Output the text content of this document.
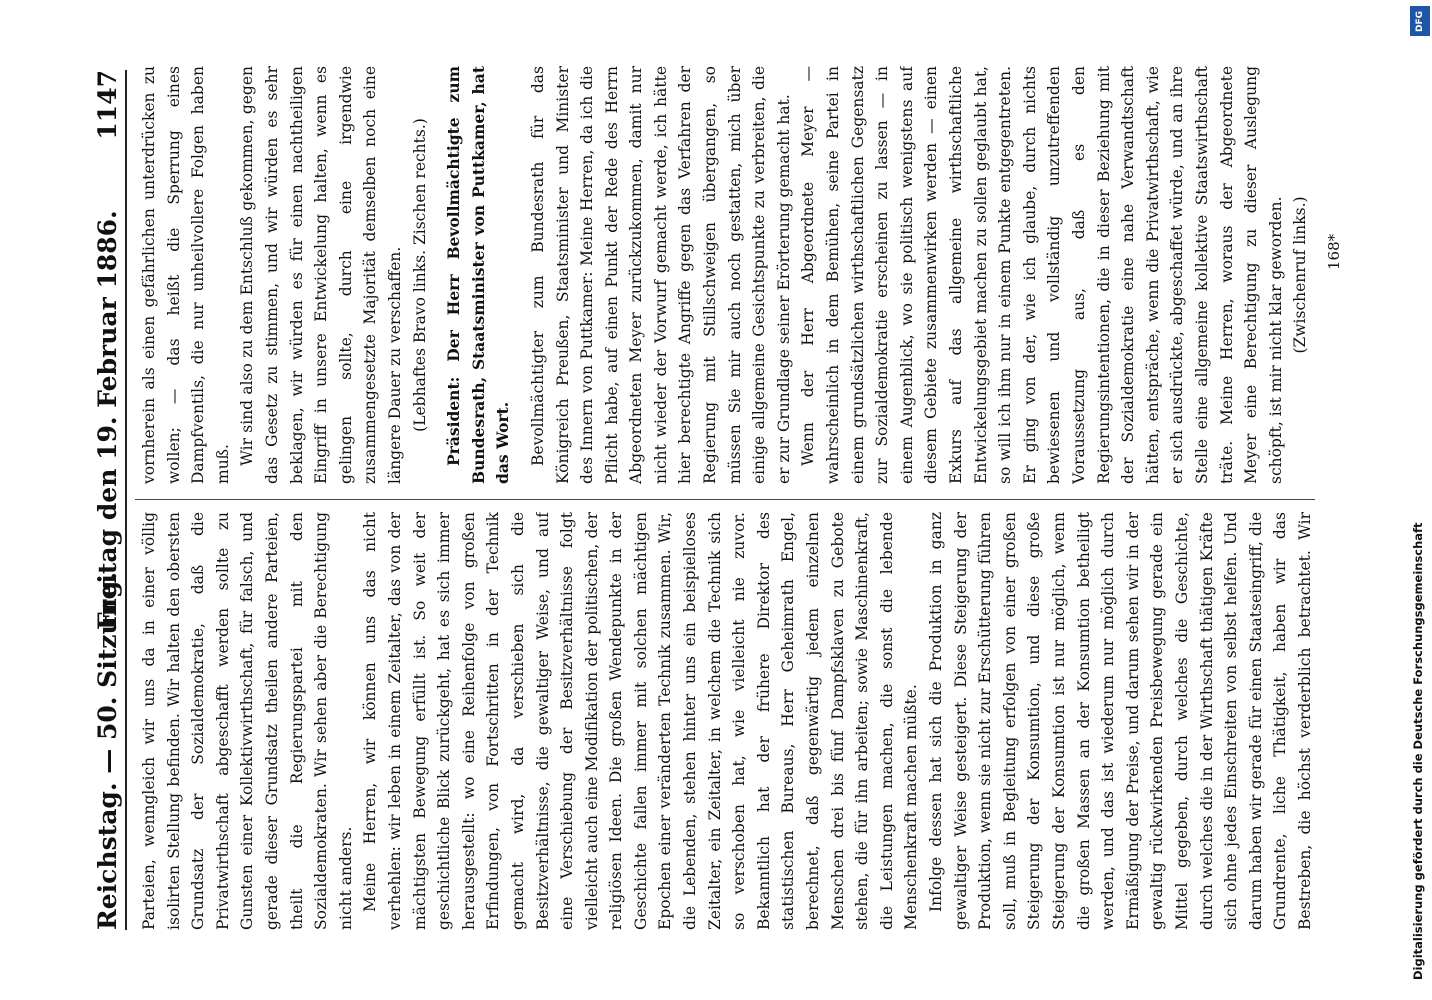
Reichstag. — 50. Sitzung.
Freitag den 19. Februar 1886.
1147

Parteien, wenngleich wir uns da in einer völlig isolirten Stellung befinden. Wir halten den obersten Grundsatz der Sozialdemokratie, daß die Privatwirthschaft abgeschafft werden sollte zu Gunsten einer Kollektivwirthschaft, für falsch, und gerade dieser Grundsatz theilen andere Parteien, theilt die Regierungspartei mit den Sozialdemokraten. Wir sehen aber die Berechtigung nicht anders. Meine Herren, wir können uns das nicht verhehlen: wir leben in einem Zeitalter, das von der mächtigsten Bewegung erfüllt ist. So weit der geschichtliche Blick zurückgeht, hat es sich immer herausgestellt: wo eine Reihenfolge von großen Erfindungen, von Fortschritten in der Technik gemacht wird, da verschieben sich die Besitzverhältnisse, die gewaltiger Weise, und auf eine Verschiebung der Besitzverhältnisse folgt vielleicht auch eine Modifikation der politischen, der religiösen Ideen. Die großen Wendepunkte in der Geschichte fallen immer mit solchen mächtigen Epochen einer veränderten Technik zusammen. Wir, die Lebenden, stehen hinter uns ein beispielloses Zeitalter, ein Zeitalter, in welchem die Technik sich so verschoben hat, wie vielleicht nie zuvor. Bekanntlich hat der frühere Direktor des statistischen Bureaus, Herr Geheimrath Engel, berechnet, daß gegenwärtig jedem einzelnen Menschen drei bis fünf Dampfsklaven zu Gebote stehen, die für ihn arbeiten; sowie Maschinenkraft, die Leistungen machen, die sonst die lebende Menschenkraft machen müßte. Infolge dessen hat sich die Produktion in ganz gewaltiger Weise gesteigert. Diese Steigerung der Produktion, wenn sie nicht zur Erschütterung führen soll, muß in Begleitung erfolgen von einer großen Steigerung der Konsumtion, und diese große Steigerung der Konsumtion ist nur möglich, wenn die großen Massen an der Konsumtion betheiligt werden, und das ist wiederum nur möglich durch Ermäßigung der Preise, und darum sehen wir in der gewaltig rückwirkenden Preisbewegung gerade ein Mittel gegeben, durch welches die Geschichte, durch welches die in der Wirthschaft thätigen Kräfte sich ohne jedes Einschreiten von selbst helfen. Und darum haben wir gerade für einen Staatseingriff, die Grundrente, liche Thätigkeit, haben wir das Bestreben, die höchst verderblich betrachtet. Wir

vornherein als einen gefährlichen unterdrücken zu wollen; — das heißt die Sperrung eines Dampfventils, die nur unheilvollere Folgen haben muß. Wir sind also zu dem Entschluß gekommen, gegen das Gesetz zu stimmen, und wir würden es sehr beklagen, wir würden es für einen nachtheiligen Eingriff in unsere Entwickelung halten, wenn es gelingen sollte, durch eine irgendwie zusammengesetzte Majorität demselben noch eine längere Dauer zu verschaffen. (Lebhaftes Bravo links. Zischen rechts.) Präsident: Der Herr Bevollmächtigte zum Bundesrath, Staatsminister von Puttkamer, hat das Wort. Bevollmächtigter zum Bundesrath für das Königreich Preußen, Staatsminister und Minister des Innern von Puttkamer: Meine Herren, da ich die Pflicht habe, auf einen Punkt der Rede des Herrn Abgeordneten Meyer zurückzukommen, damit nur nicht wieder der Vorwurf gemacht werde, ich hätte hier berechtigte Angriffe gegen das Verfahren der Regierung mit Stillschweigen übergangen, so müssen Sie mir auch noch gestatten, mich über einige allgemeine Gesichtspunkte zu verbreiten, die er zur Grundlage seiner Erörterung gemacht hat. Wenn der Herr Abgeordnete Meyer — wahrscheinlich in dem Bemühen, seine Partei in einem grundsätzlichen wirthschaftlichen Gegensatz zur Sozialdemokratie erscheinen zu lassen — in einem Augenblick, wo sie politisch wenigstens auf diesem Gebiete zusammenwirken werden — einen Exkurs auf das allgemeine wirthschaftliche Entwickelungsgebiet machen zu sollen geglaubt hat, so will ich ihm nur in einem Punkte entgegentreten. Er ging von der, wie ich glaube, durch nichts bewiesenen und vollständig unzutreffenden Voraussetzung aus, daß es den Regierungsintentionen, die in dieser Beziehung mit der Sozialdemokratie eine nahe Verwandtschaft hätten, entspräche, wenn die Privatwirthschaft, wie er sich ausdrückte, abgeschaffet würde, und an ihre Stelle eine allgemeine kollektive Staatswirthschaft träte. Meine Herren, woraus der Abgeordnete Meyer eine Berechtigung zu dieser Auslegung schöpft, ist mir nicht klar geworden. (Zwischenruf links.) 168*
DFG
Digitalisierung gefördert durch die Deutsche Forschungsgemeinschaft
